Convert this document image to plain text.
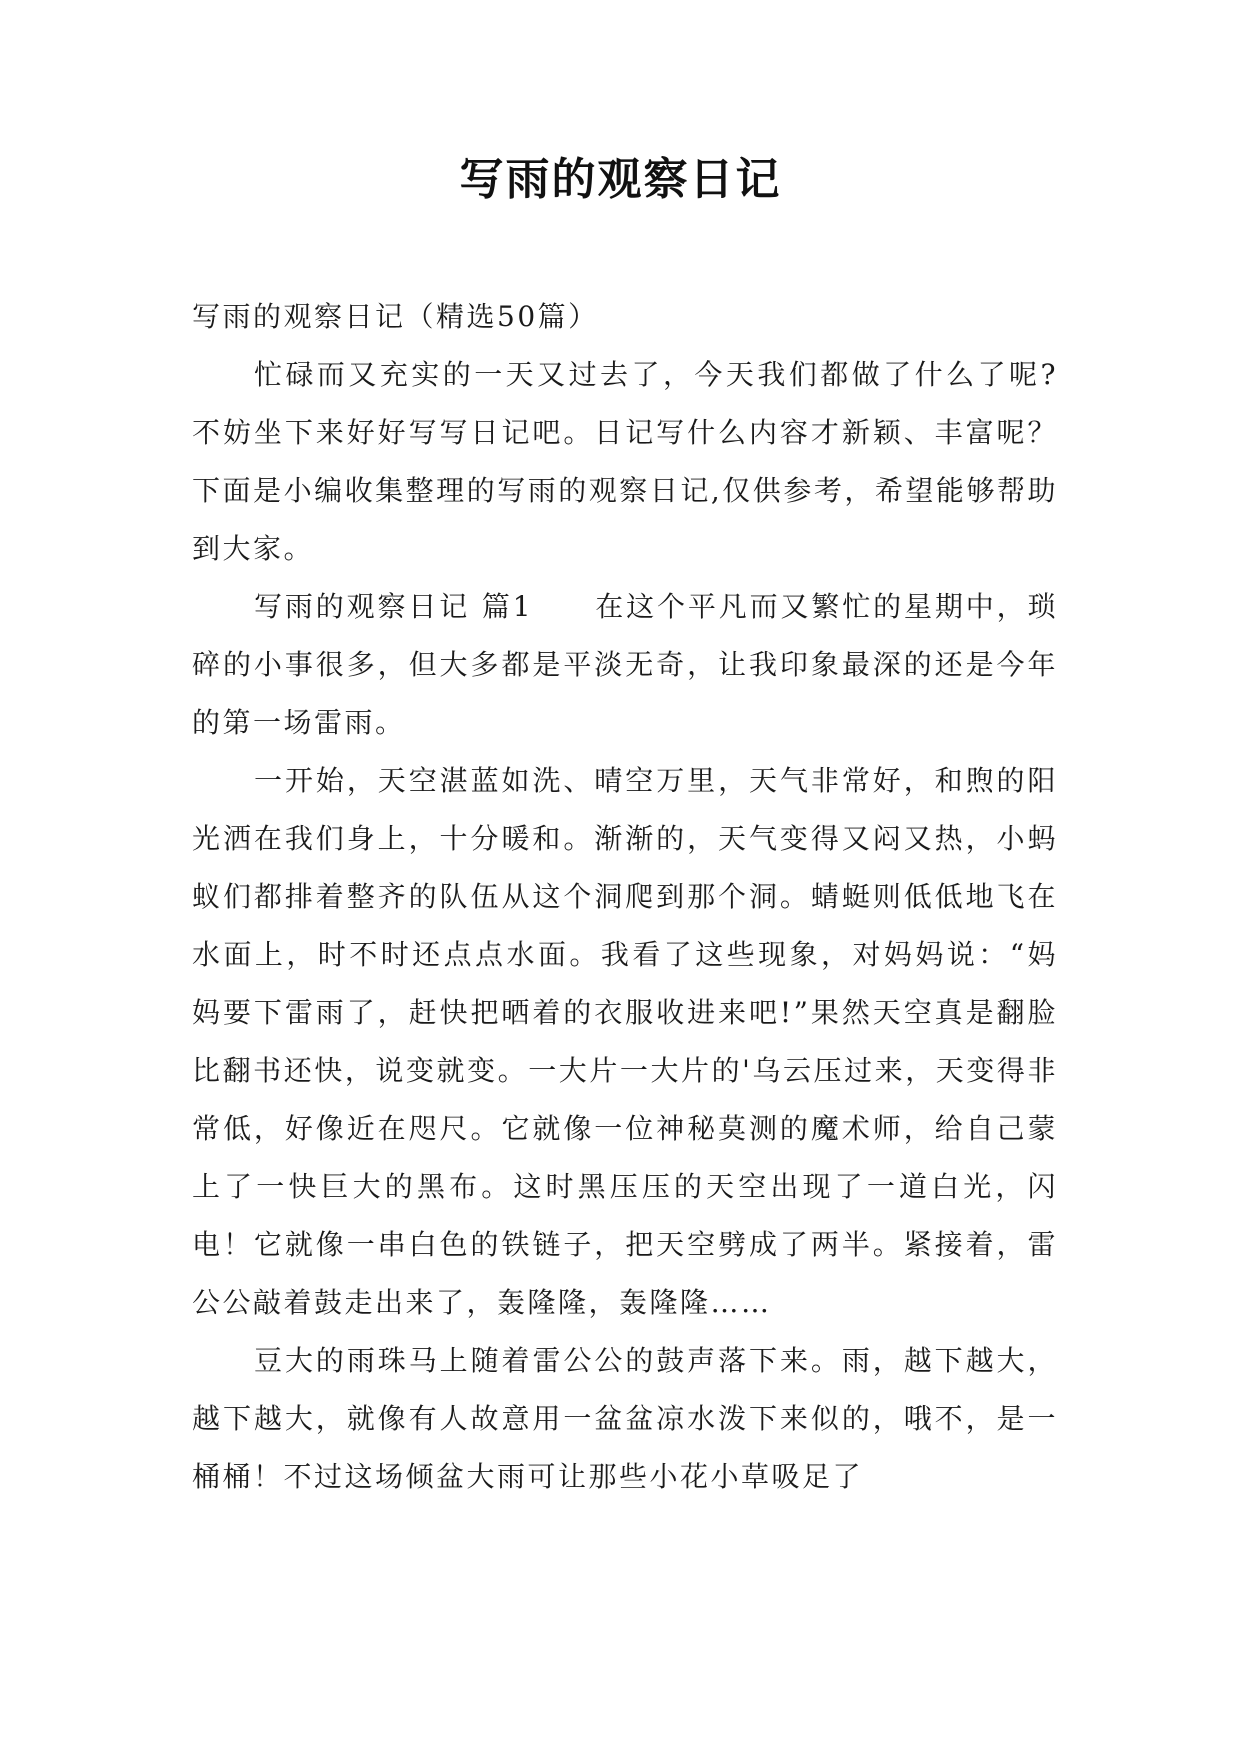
写雨的观察日记

写雨的观察日记（精选50篇）

忙碌而又充实的一天又过去了，今天我们都做了什么了呢?不妨坐下来好好写写日记吧。日记写什么内容才新颖、丰富呢？下面是小编收集整理的写雨的观察日记,仅供参考，希望能够帮助到大家。

写雨的观察日记 篇1　　在这个平凡而又繁忙的星期中，琐碎的小事很多，但大多都是平淡无奇，让我印象最深的还是今年的第一场雷雨。

一开始，天空湛蓝如洗、晴空万里，天气非常好，和煦的阳光洒在我们身上，十分暖和。渐渐的，天气变得又闷又热，小蚂蚁们都排着整齐的队伍从这个洞爬到那个洞。蜻蜓则低低地飞在水面上，时不时还点点水面。我看了这些现象，对妈妈说：“妈妈要下雷雨了，赶快把晒着的衣服收进来吧!”果然天空真是翻脸比翻书还快，说变就变。一大片一大片的'乌云压过来，天变得非常低，好像近在咫尺。它就像一位神秘莫测的魔术师，给自己蒙上了一快巨大的黑布。这时黑压压的天空出现了一道白光，闪电！它就像一串白色的铁链子，把天空劈成了两半。紧接着，雷公公敲着鼓走出来了，轰隆隆，轰隆隆……

豆大的雨珠马上随着雷公公的鼓声落下来。雨，越下越大，越下越大，就像有人故意用一盆盆凉水泼下来似的，哦不，是一桶桶！不过这场倾盆大雨可让那些小花小草吸足了
